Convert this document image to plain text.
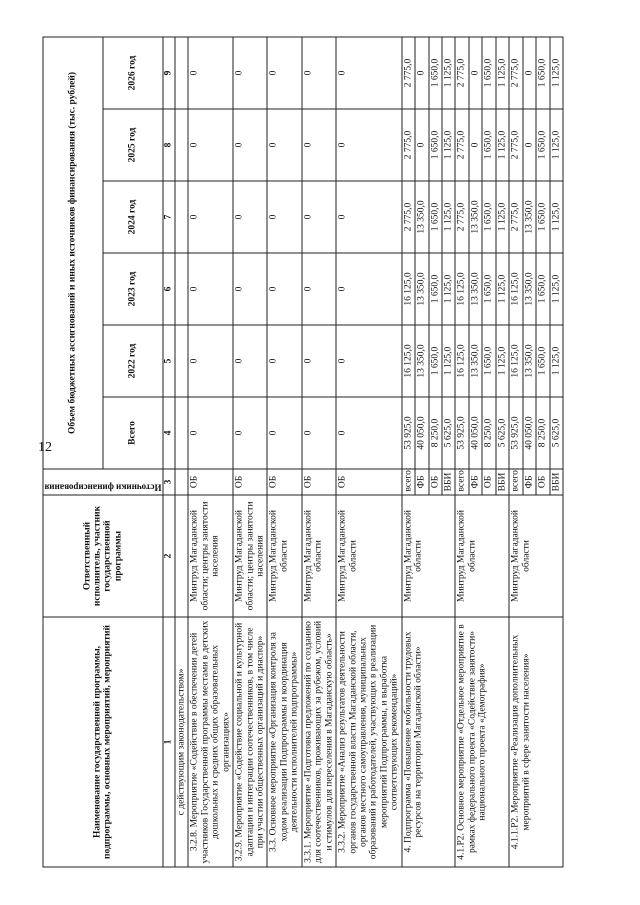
12
Наименование государственной программы, подпрограммы, основных мероприятий, мероприятий	Ответственный исполнитель, участник государственной программы	Источники финансирования	Объем бюджетных ассигнований и иных источников финансирования (тыс. рублей)					
			Всего	2022 год	2023 год	2024 год	2025 год	2026 год
1	2	3	4	5	6	7	8	9
с действующим законодательством»								
3.2.8. Мероприятие «Содействие в обеспечении детей участников Государственной программы местами в детских дошкольных и средних общих образовательных организациях»	Минтруд Магаданской области; центры занятости населения	ОБ	0	0	0	0	0	0
3.2.9. Мероприятие «Содействие социальной и культурной адаптации и интеграции соотечественников, в том числе при участии общественных организаций и диаспор»	Минтруд Магаданской области; центры занятости населения	ОБ	0	0	0	0	0	0
3.3. Основное мероприятие «Организация контроля за ходом реализации Подпрограммы и координация деятельности исполнителей подпрограммы»	Минтруд Магаданской области	ОБ	0	0	0	0	0	0
3.3.1. Мероприятие «Подготовка предложений по созданию для соотечественников, проживающих за рубежом, условий и стимулов для переселения в Магаданскую область»	Минтруд Магаданской области	ОБ	0	0	0	0	0	0
3.3.2. Мероприятие «Анализ результатов деятельности органов государственной власти Магаданской области, органов местного самоуправления, муниципальных образований и работодателей, участвующих в реализации мероприятий Подпрограммы, и выработка соответствующих рекомендаций»	Минтруд Магаданской области	ОБ	0	0	0	0	0	0
4. Подпрограмма «Повышение мобильности трудовых ресурсов на территории Магаданской области»	Минтруд Магаданской области	всего:	53 925,0	16 125,0	16 125,0	2 775,0	2 775,0	2 775,0
		ФБ	40 050,0	13 350,0	13 350,0	13 350,0	0	0
		ОБ	8 250,0	1 650,0	1 650,0	1 650,0	1 650,0	1 650,0
		ВБИ	5 625,0	1 125,0	1 125,0	1 125,0	1 125,0	1 125,0
4.1.Р2. Основное мероприятие «Отдельное мероприятие в рамках федерального проекта «Содействие занятости» национального проекта «Демография»	Минтруд Магаданской области	всего:	53 925,0	16 125,0	16 125,0	2 775,0	2 775,0	2 775,0
		ФБ	40 050,0	13 350,0	13 350,0	13 350,0	0	0
		ОБ	8 250,0	1 650,0	1 650,0	1 650,0	1 650,0	1 650,0
		ВБИ	5 625,0	1 125,0	1 125,0	1 125,0	1 125,0	1 125,0
4.1.1.Р2. Мероприятие «Реализация дополнительных мероприятий в сфере занятости населения»	Минтруд Магаданской области	всего:	53 925,0	16 125,0	16 125,0	2 775,0	2 775,0	2 775,0
		ФБ	40 050,0	13 350,0	13 350,0	13 350,0	0	0
		ОБ	8 250,0	1 650,0	1 650,0	1 650,0	1 650,0	1 650,0
		ВБИ	5 625,0	1 125,0	1 125,0	1 125,0	1 125,0	1 125,0
